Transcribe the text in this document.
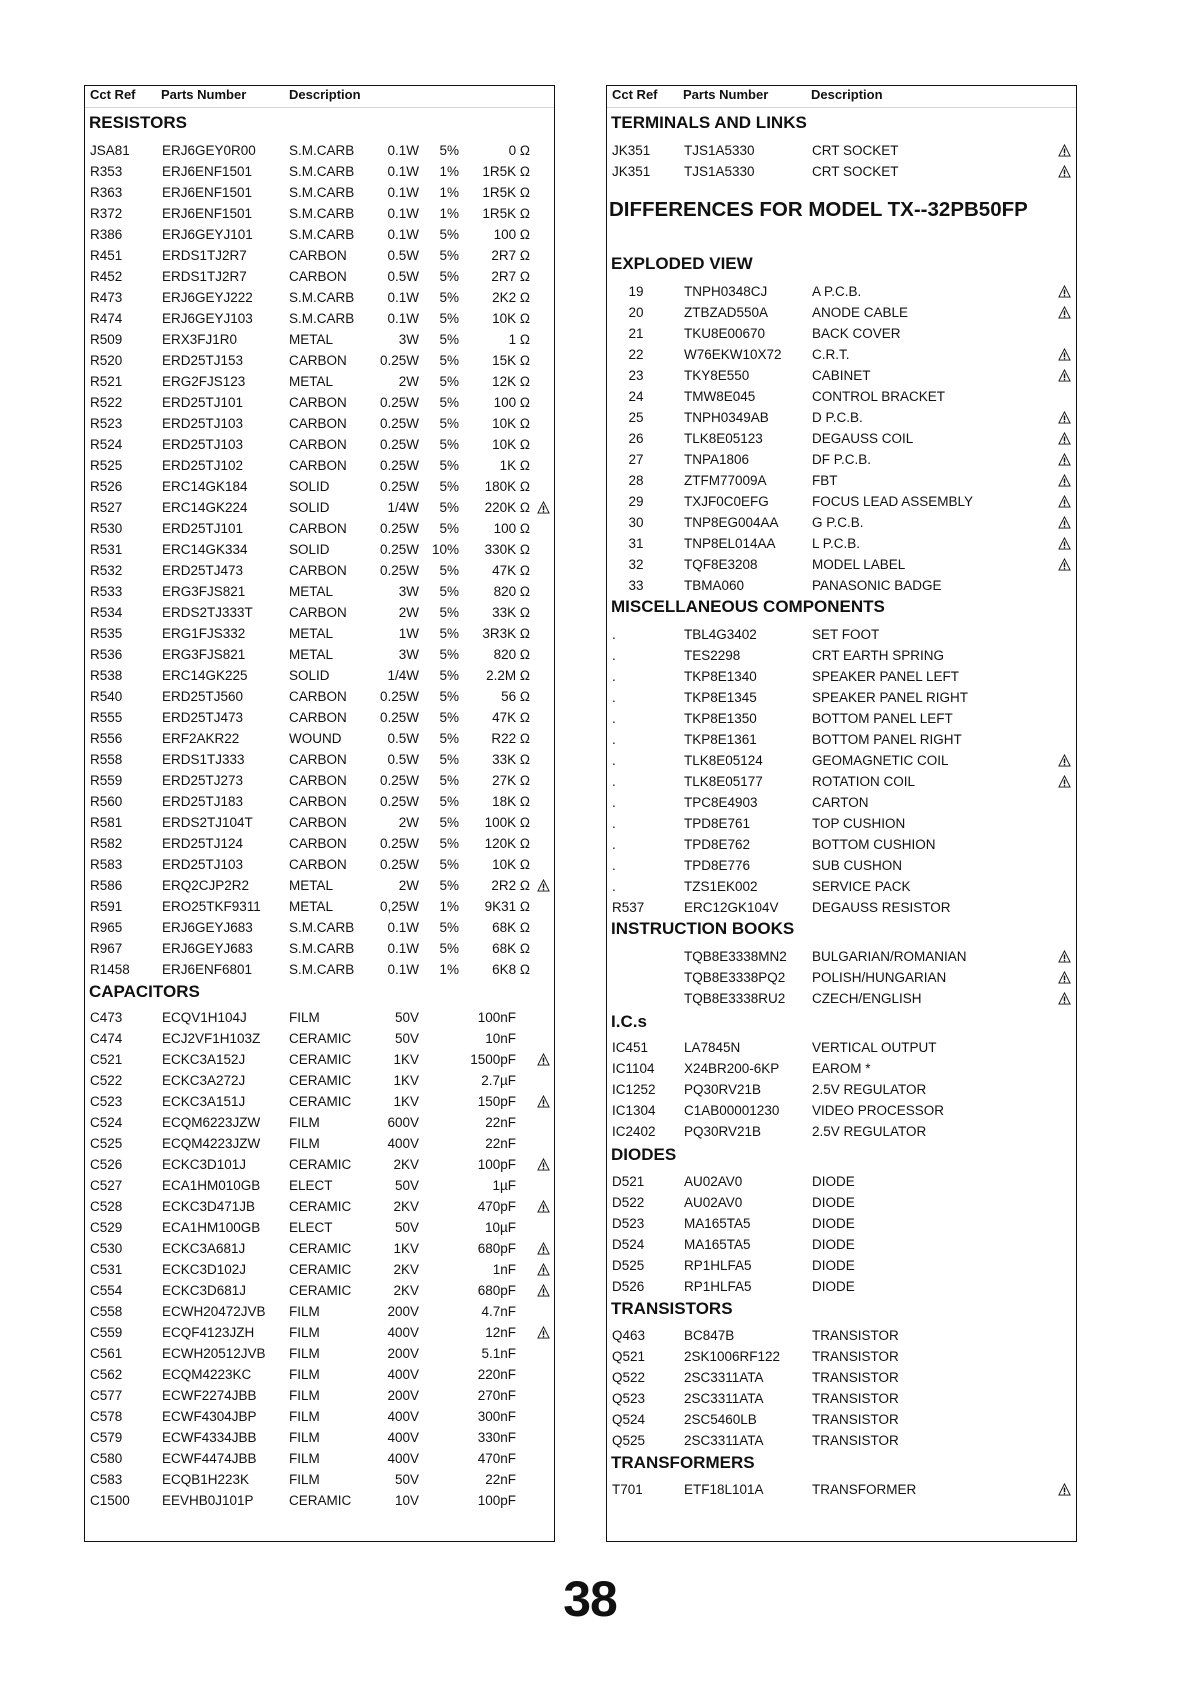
38
Cct Ref Parts Number	Description	Cct Ref Parts Number	Description
RESISTORS
JSA81 ERJ6GEY0R00 S.M.CARB	0.1W	5%	0 Ω
R353	ERJ6ENF1501	S.M.CARB	0.1W	1%	1R5K Ω
R363	ERJ6ENF1501	S.M.CARB	0.1W	1%	1R5K Ω
R372	ERJ6ENF1501	S.M.CARB	0.1W	1%	1R5K Ω
R386	ERJ6GEYJ101	S.M.CARB	0.1W	5%	100 Ω
R451	ERDS1TJ2R7	CARBON	0.5W	5%	2R7 Ω
R452	ERDS1TJ2R7	CARBON	0.5W	5%	2R7 Ω
R473	ERJ6GEYJ222	S.M.CARB	0.1W	5%	2K2 Ω
R474	ERJ6GEYJ103	S.M.CARB	0.1W	5%	10K Ω
R509	ERX3FJ1R0	METAL	3W	5%	1 Ω
R520	ERD25TJ153	CARBON	0.25W	5%	15K Ω
R521	ERG2FJS123	METAL	2W	5%	12K Ω
R522	ERD25TJ101	CARBON	0.25W	5%	100 Ω
R523	ERD25TJ103	CARBON	0.25W	5%	10K Ω
R524	ERD25TJ103	CARBON	0.25W	5%	10K Ω
R525	ERD25TJ102	CARBON	0.25W	5%	1K Ω
R526	ERC14GK184	SOLID	0.25W	5%	180K Ω
R527	ERC14GK224	SOLID	1/4W	5%	220K Ω
R530	ERD25TJ101	CARBON	0.25W	5%	100 Ω
R531	ERC14GK334	SOLID	0.25W 10%	330K Ω
R532	ERD25TJ473	CARBON	0.25W	5%	47K Ω
R533	ERG3FJS821	METAL	3W	5%	820 Ω
R534	ERDS2TJ333T	CARBON	2W	5%	33K Ω
R535	ERG1FJS332	METAL	1W	5%	3R3K Ω
R536	ERG3FJS821	METAL	3W	5%	820 Ω
R538	ERC14GK225	SOLID	1/4W	5%	2.2M Ω
R540	ERD25TJ560	CARBON	0.25W	5%	56 Ω
R555	ERD25TJ473	CARBON	0.25W	5%	47K Ω
R556	ERF2AKR22	WOUND	0.5W	5%	R22 Ω
R558	ERDS1TJ333	CARBON	0.5W	5%	33K Ω
R559	ERD25TJ273	CARBON	0.25W	5%	27K Ω
R560	ERD25TJ183	CARBON	0.25W	5%	18K Ω
R581	ERDS2TJ104T	CARBON	2W	5%	100K Ω
R582	ERD25TJ124	CARBON	0.25W	5%	120K Ω
R583	ERD25TJ103	CARBON	0.25W	5%	10K Ω
R586	ERQ2CJP2R2	METAL	2W	5%	2R2 Ω
R591	ERO25TKF9311 METAL	0,25W	1%	9K31 Ω
R965	ERJ6GEYJ683	S.M.CARB	0.1W	5%	68K Ω
R967	ERJ6GEYJ683	S.M.CARB	0.1W	5%	68K Ω
R1458 ERJ6ENF6801	S.M.CARB	0.1W	1%	6K8 Ω
CAPACITORS
C473	ECQV1H104J	FILM	50V	100nF
C474	ECJ2VF1H103Z CERAMIC	50V	10nF
C521	ECKC3A152J	CERAMIC	1KV	1500pF
C522	ECKC3A272J	CERAMIC	1KV	2.7µF
C523	ECKC3A151J	CERAMIC	1KV	150pF
C524	ECQM6223JZW FILM	600V	22nF
C525	ECQM4223JZW FILM	400V	22nF
C526	ECKC3D101J	CERAMIC	2KV	100pF
C527	ECA1HM010GB ELECT	50V	1µF
C528	ECKC3D471JB	CERAMIC	2KV	470pF
C529	ECA1HM100GB ELECT	50V	10µF
C530	ECKC3A681J	CERAMIC	1KV	680pF
C531	ECKC3D102J	CERAMIC	2KV	1nF
C554	ECKC3D681J	CERAMIC	2KV	680pF
C558	ECWH20472JVB FILM	200V	4.7nF
C559	ECQF4123JZH	FILM	400V	12nF
C561	ECWH20512JVB FILM	200V	5.1nF
C562	ECQM4223KC	FILM	400V	220nF
C577	ECWF2274JBB FILM	200V	270nF
C578	ECWF4304JBP FILM	400V	300nF
C579	ECWF4334JBB FILM	400V	330nF
C580	ECWF4474JBB FILM	400V	470nF
C583	ECQB1H223K	FILM	50V	22nF
C1500 EEVHB0J101P	CERAMIC	10V	100pF
DIFFERENCES FOR MODEL TX--32PB50FP
TERMINALS AND LINKS
JK351 TJS1A5330	CRT SOCKET
JK351 TJS1A5330	CRT SOCKET
EXPLODED VIEW
19	TNPH0348CJ	A P.C.B.
20	ZTBZAD550A	ANODE CABLE
21	TKU8E00670	BACK COVER
22	W76EKW10X72 C.R.T.
23	TKY8E550	CABINET
24	TMW8E045	CONTROL BRACKET
25	TNPH0349AB	D P.C.B.
26	TLK8E05123	DEGAUSS COIL
27	TNPA1806	DF P.C.B.
28	ZTFM77009A	FBT
29	TXJF0C0EFG	FOCUS LEAD ASSEMBLY
30	TNP8EG004AA G P.C.B.
31	TNP8EL014AA	L P.C.B.
32	TQF8E3208	MODEL LABEL
33	TBMA060	PANASONIC BADGE
MISCELLANEOUS COMPONENTS
.	TBL4G3402	SET FOOT
.	TES2298	CRT EARTH SPRING
.	TKP8E1340	SPEAKER PANEL LEFT
.	TKP8E1345	SPEAKER PANEL RIGHT
.	TKP8E1350	BOTTOM PANEL LEFT
.	TKP8E1361	BOTTOM PANEL RIGHT
.	TLK8E05124	GEOMAGNETIC COIL
.	TLK8E05177	ROTATION COIL
.	TPC8E4903	CARTON
.	TPD8E761	TOP CUSHION
.	TPD8E762	BOTTOM CUSHION
.	TPD8E776	SUB CUSHON
.	TZS1EK002	SERVICE PACK
R537	ERC12GK104V DEGAUSS RESISTOR
INSTRUCTION BOOKS
TQB8E3338MN2 BULGARIAN/ROMANIAN
TQB8E3338PQ2 POLISH/HUNGARIAN
TQB8E3338RU2 CZECH/ENGLISH
I.C.s
IC451	LA7845N	VERTICAL OUTPUT
IC1104 X24BR200-6KP EAROM *
IC1252 PQ30RV21B	2.5V REGULATOR
IC1304 C1AB00001230 VIDEO PROCESSOR
IC2402 PQ30RV21B	2.5V REGULATOR
DIODES
D521	AU02AV0	DIODE
D522	AU02AV0	DIODE
D523	MA165TA5	DIODE
D524	MA165TA5	DIODE
D525	RP1HLFA5	DIODE
D526	RP1HLFA5	DIODE
TRANSISTORS
Q463	BC847B	TRANSISTOR
Q521	2SK1006RF122 TRANSISTOR
Q522	2SC3311ATA	TRANSISTOR
Q523	2SC3311ATA	TRANSISTOR
Q524	2SC5460LB	TRANSISTOR
Q525	2SC3311ATA	TRANSISTOR
TRANSFORMERS
T701	ETF18L101A	TRANSFORMER
